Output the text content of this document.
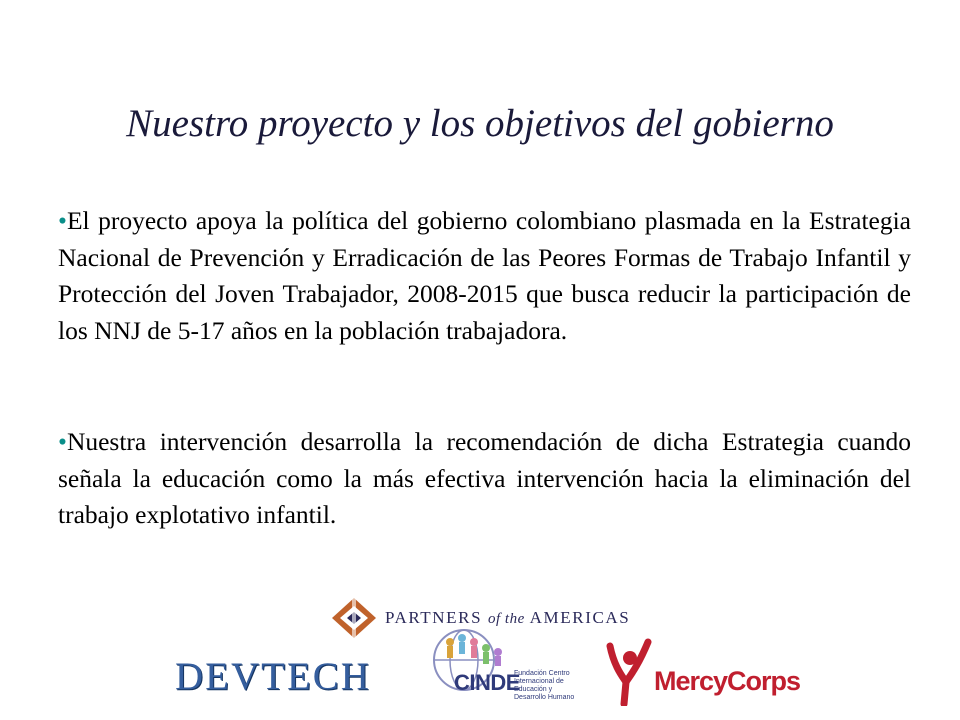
Nuestro proyecto y los objetivos del gobierno
•El proyecto apoya la política del gobierno colombiano plasmada en la Estrategia Nacional de Prevención y Erradicación de las Peores Formas de Trabajo Infantil y Protección del Joven Trabajador, 2008-2015 que busca reducir la participación de los NNJ de 5-17 años en la población trabajadora.
•Nuestra intervención desarrolla la recomendación de dicha Estrategia cuando señala la educación como la más efectiva intervención hacia la eliminación del trabajo explotativo infantil.
PARTNERS of the AMERICAS
DEVTECH	CINDE
Fundación Centro Internacional de Educación y Desarrollo Humano
MercyCorps
